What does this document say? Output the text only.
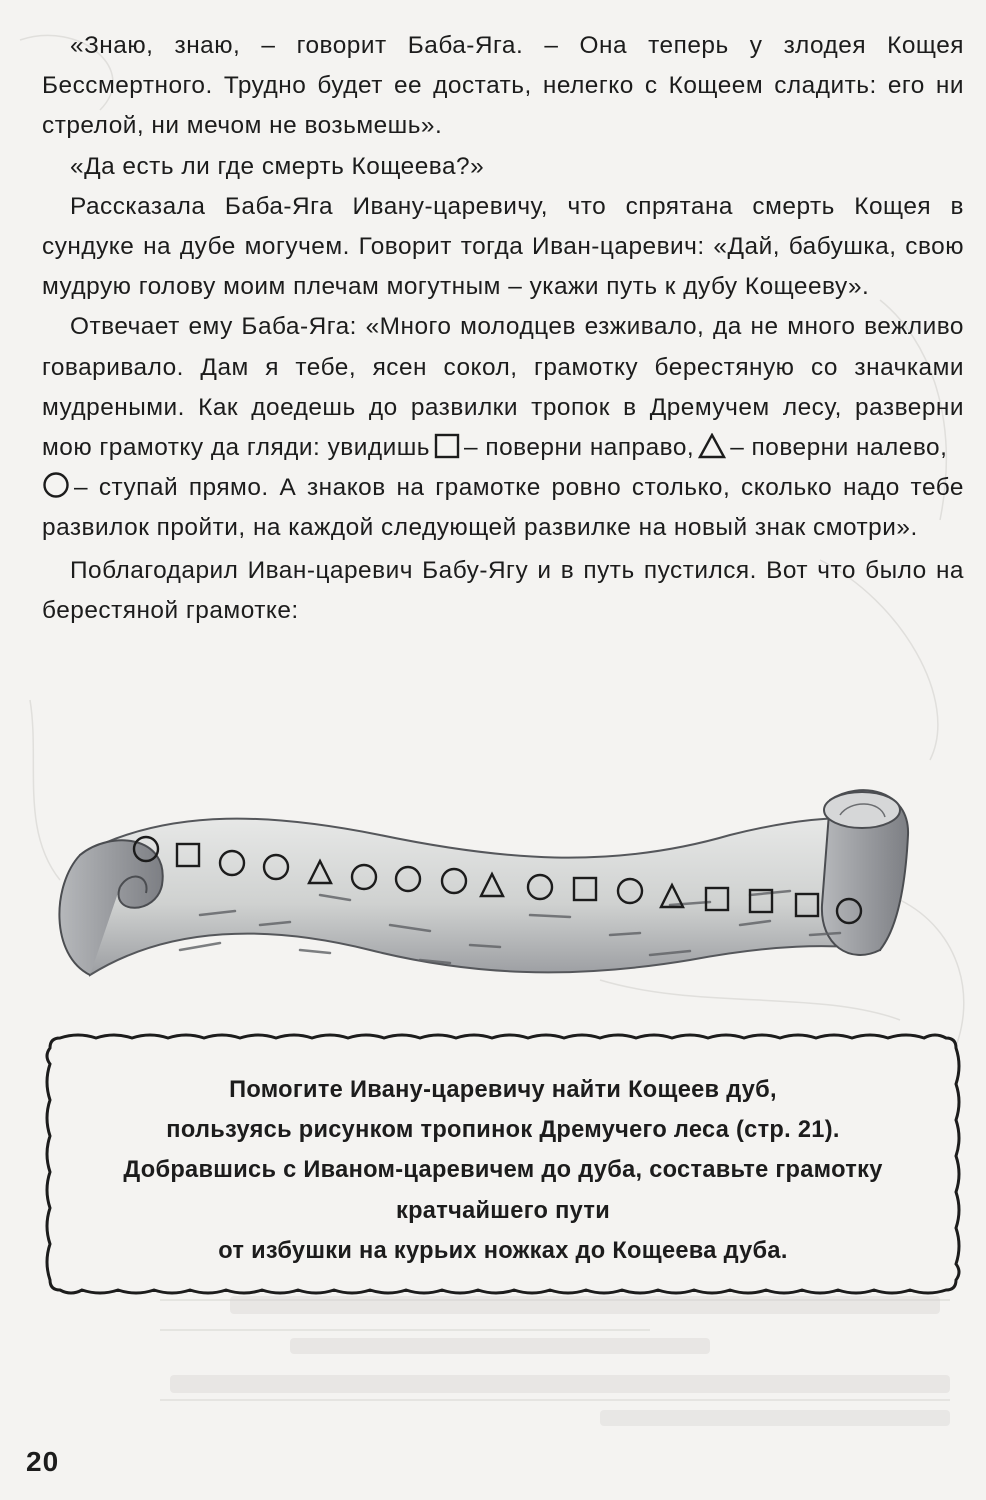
«Знаю, знаю, – говорит Баба-Яга. – Она теперь у злодея Кощея Бессмертного. Трудно будет ее достать, нелегко с Кощеем сладить: его ни стрелой, ни мечом не возьмешь».

«Да есть ли где смерть Кощеева?»

Рассказала Баба-Яга Ивану-царевичу, что спрятана смерть Кощея в сундуке на дубе могучем. Говорит тогда Иван-царевич: «Дай, бабушка, свою мудрую голову моим плечам могутным – укажи путь к дубу Кощееву».

Отвечает ему Баба-Яга: «Много молодцев езживало, да не много вежливо говаривало. Дам я тебе, ясен сокол, грамотку берестяную со значками мудреными. Как доедешь до развилки тропок в Дремучем лесу, разверни мою грамотку да гляди: увидишь – поверни направо, – поверни налево,
– ступай прямо. А знаков на грамотке ровно столько, сколько надо тебе развилок пройти, на каждой следующей развилке на новый знак смотри».

Поблагодарил Иван-царевич Бабу-Ягу и в путь пустился. Вот что было на берестяной грамотке:

Помогите Ивану-царевичу найти Кощеев дуб,
пользуясь рисунком тропинок Дремучего леса (стр. 21).
Добравшись с Иваном-царевичем до дуба, составьте грамотку
кратчайшего пути
от избушки на курьих ножках до Кощеева дуба.
20
